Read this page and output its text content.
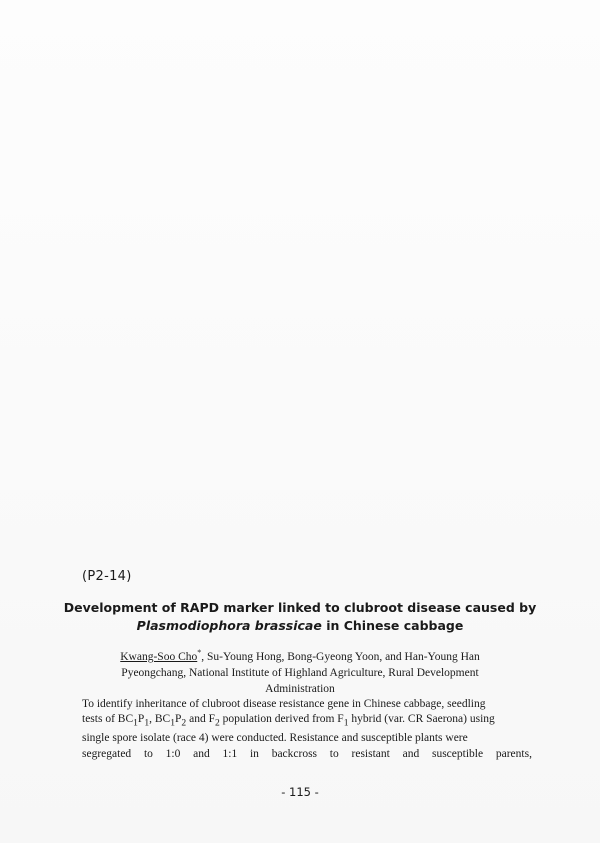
(P2-14)
Development of RAPD marker linked to clubroot disease caused by
Plasmodiophora brassicae in Chinese cabbage
Kwang-Soo Cho*, Su-Young Hong, Bong-Gyeong Yoon, and Han-Young Han
Pyeongchang, National Institute of Highland Agriculture, Rural Development
Administration
To identify inheritance of clubroot disease resistance gene in Chinese cabbage, seedling
tests of $BC_1P_1$, $BC_1P_2$ and $F_2$ population derived from $F_1$ hybrid (var. CR Saerona) using
single spore isolate (race 4) were conducted. Resistance and susceptible plants were
segregated to 1:0 and 1:1 in backcross to resistant and susceptible parents,
- 115 -
